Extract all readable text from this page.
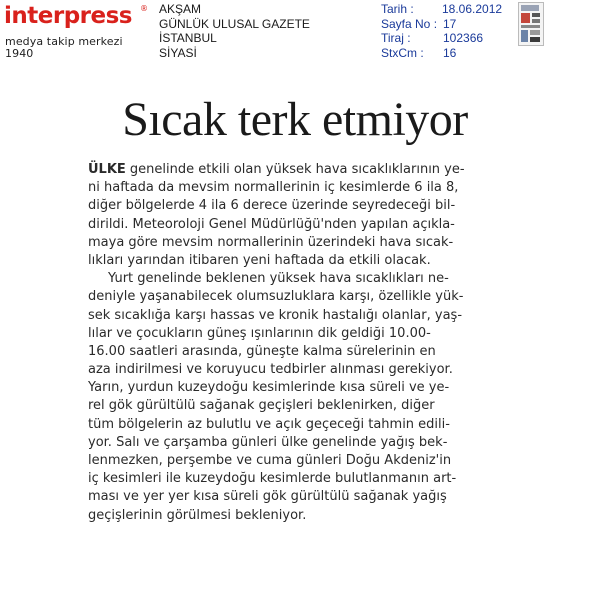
interpress ®
medya takip merkezi 1940
AKŞAM
GÜNLÜK ULUSAL GAZETE
İSTANBUL
SİYASİ
Tarih : 18.06.2012
Sayfa No : 17
Tiraj :	102366
StxCm : 16
Sıcak terk etmiyor
ÜLKE genelinde etkili olan yüksek hava sıcaklıklarının ye-
ni haftada da mevsim normallerinin iç kesimlerde 6 ila 8,
diğer bölgelerde 4 ila 6 derece üzerinde seyredeceği bil-
dirildi. Meteoroloji Genel Müdürlüğü'nden yapılan açıkla-
maya göre mevsim normallerinin üzerindeki hava sıcak-
lıkları yarından itibaren yeni haftada da etkili olacak.
Yurt genelinde beklenen yüksek hava sıcaklıkları ne-
deniyle yaşanabilecek olumsuzluklara karşı, özellikle yük-
sek sıcaklığa karşı hassas ve kronik hastalığı olanlar, yaş-
lılar ve çocukların güneş ışınlarının dik geldiği 10.00-
16.00 saatleri arasında, güneşte kalma sürelerinin en
aza indirilmesi ve koruyucu tedbirler alınması gerekiyor.
Yarın, yurdun kuzeydoğu kesimlerinde kısa süreli ve ye-
rel gök gürültülü sağanak geçişleri beklenirken, diğer
tüm bölgelerin az bulutlu ve açık geçeceği tahmin edili-
yor. Salı ve çarşamba günleri ülke genelinde yağış bek-
lenmezken, perşembe ve cuma günleri Doğu Akdeniz'in
iç kesimleri ile kuzeydoğu kesimlerde bulutlanmanın art-
ması ve yer yer kısa süreli gök gürültülü sağanak yağış
geçişlerinin görülmesi bekleniyor.
